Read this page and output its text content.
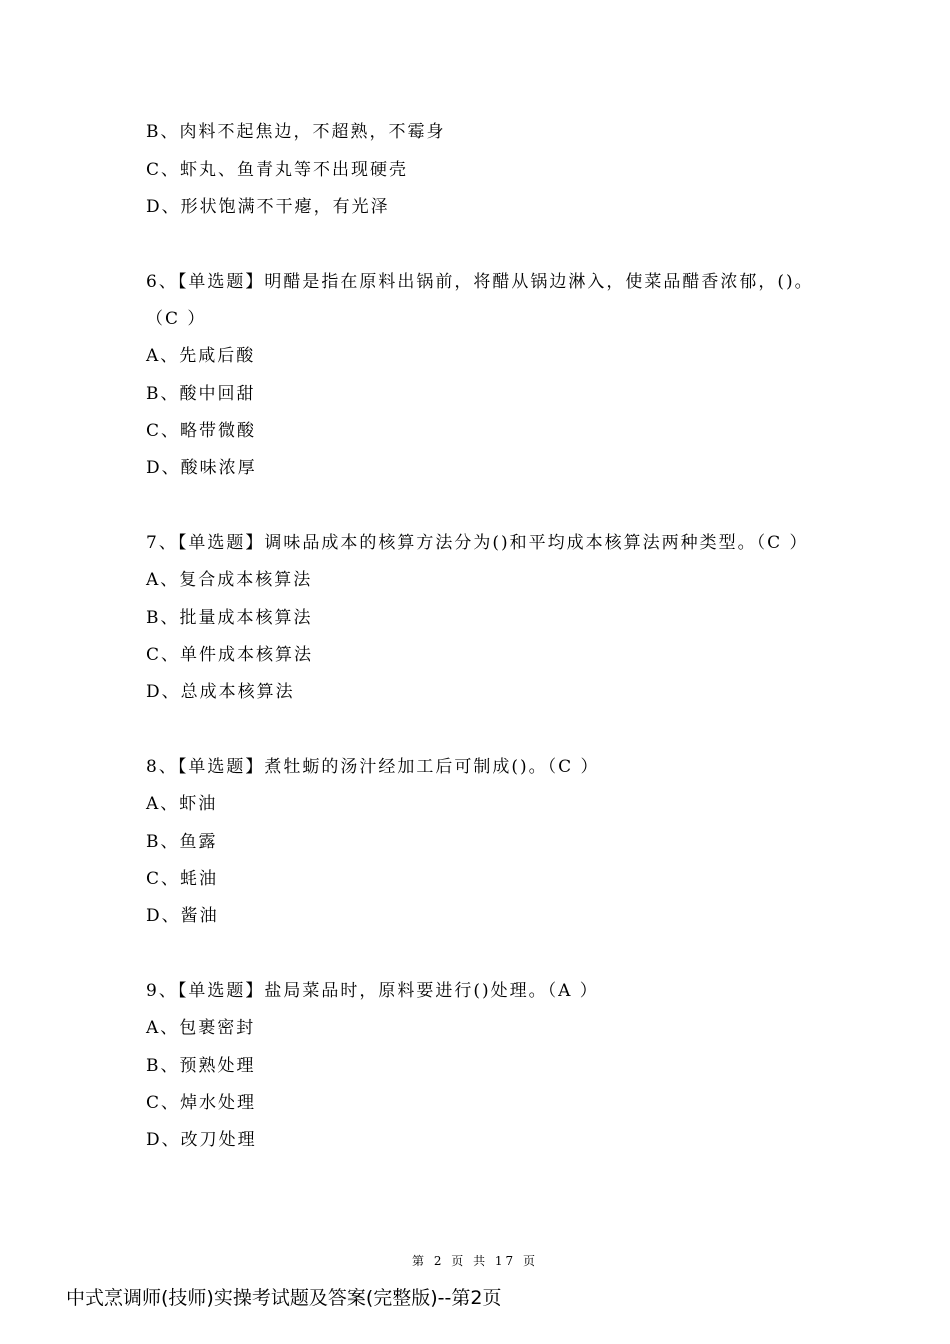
B、肉料不起焦边，不超熟，不霉身
C、虾丸、鱼青丸等不出现硬壳
D、形状饱满不干瘪，有光泽
6、【单选题】明醋是指在原料出锅前，将醋从锅边淋入，使菜品醋香浓郁，()。
（C ）
A、先咸后酸
B、酸中回甜
C、略带微酸
D、酸味浓厚
7、【单选题】调味品成本的核算方法分为()和平均成本核算法两种类型。（C ）
A、复合成本核算法
B、批量成本核算法
C、单件成本核算法
D、总成本核算法
8、【单选题】煮牡蛎的汤汁经加工后可制成()。（C ）
A、虾油
B、鱼露
C、蚝油
D、酱油
9、【单选题】盐局菜品时，原料要进行()处理。（A ）
A、包裹密封
B、预熟处理
C、焯水处理
D、改刀处理
第 2 页 共 17 页
中式烹调师(技师)实操考试题及答案(完整版)--第2页
